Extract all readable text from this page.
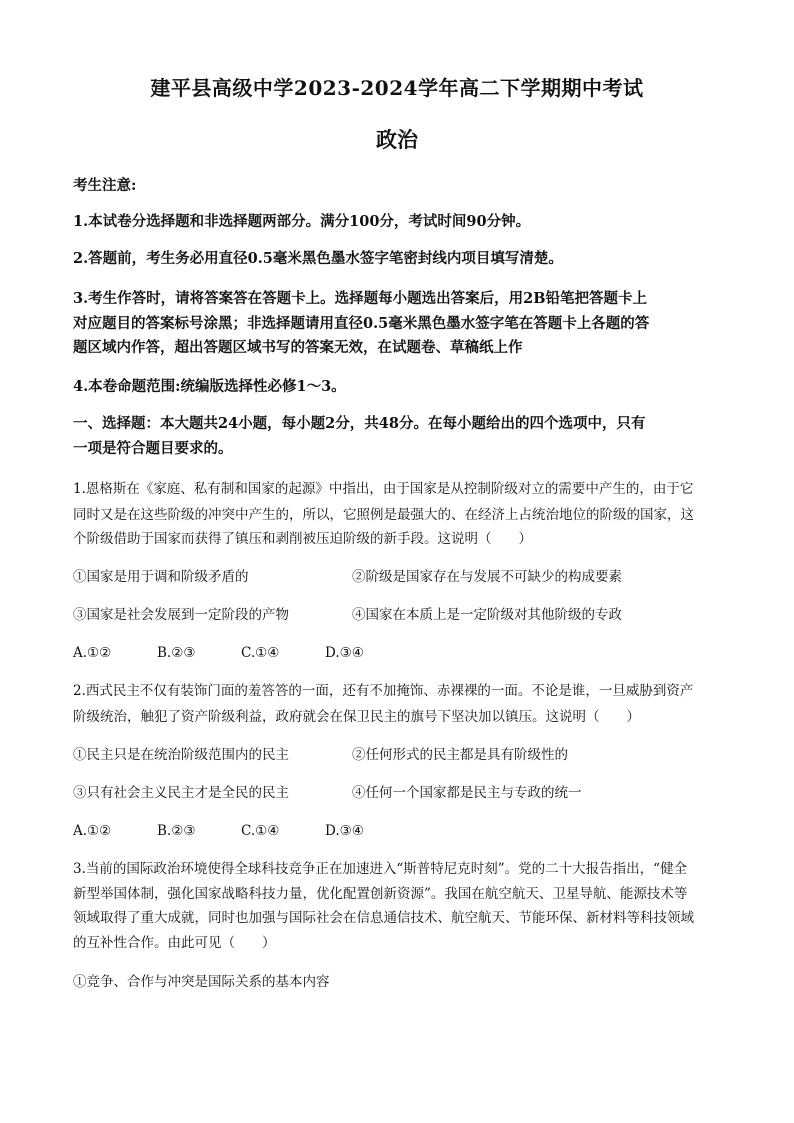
建平县高级中学2023-2024学年高二下学期期中考试
政治
考生注意:
1.本试卷分选择题和非选择题两部分。满分100分，考试时间90分钟。
2.答题前，考生务必用直径0.5毫米黑色墨水签字笔密封线内项目填写清楚。
3.考生作答时，请将答案答在答题卡上。选择题每小题选出答案后，用2B铅笔把答题卡上
对应题目的答案标号涂黑；非选择题请用直径0.5毫米黑色墨水签字笔在答题卡上各题的答
题区域内作答，超出答题区域书写的答案无效，在试题卷、草稿纸上作
4.本卷命题范围:统编版选择性必修1～3。
一、选择题：本大题共24小题，每小题2分，共48分。在每小题给出的四个选项中，只有
一项是符合题目要求的。
1.恩格斯在《家庭、私有制和国家的起源》中指出，由于国家是从控制阶级对立的需要中产生的，由于它
同时又是在这些阶级的冲突中产生的，所以，它照例是最强大的、在经济上占统治地位的阶级的国家，这
个阶级借助于国家而获得了镇压和剥削被压迫阶级的新手段。这说明（　　）
①国家是用于调和阶级矛盾的	②阶级是国家存在与发展不可缺少的构成要素
③国家是社会发展到一定阶段的产物	④国家在本质上是一定阶级对其他阶级的专政
A.①②	B.②③	C.①④	D.③④
2.西式民主不仅有装饰门面的羞答答的一面，还有不加掩饰、赤裸裸的一面。不论是谁，一旦威胁到资产
阶级统治，触犯了资产阶级利益，政府就会在保卫民主的旗号下坚决加以镇压。这说明（　　）
①民主只是在统治阶级范围内的民主	②任何形式的民主都是具有阶级性的
③只有社会主义民主才是全民的民主	④任何一个国家都是民主与专政的统一
A.①②	B.②③	C.①④	D.③④
3.当前的国际政治环境使得全球科技竞争正在加速进入“斯普特尼克时刻”。党的二十大报告指出，“健全
新型举国体制，强化国家战略科技力量，优化配置创新资源”。我国在航空航天、卫星导航、能源技术等
领域取得了重大成就，同时也加强与国际社会在信息通信技术、航空航天、节能环保、新材料等科技领域
的互补性合作。由此可见（　　）
①竞争、合作与冲突是国际关系的基本内容
